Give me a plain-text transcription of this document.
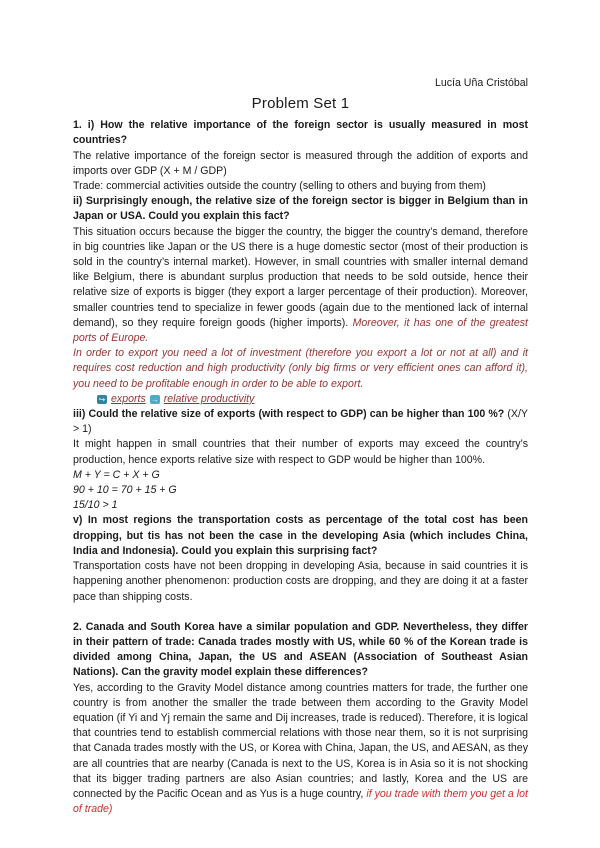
Lucía Uña Cristóbal

Problem Set 1

1. i) How the relative importance of the foreign sector is usually measured in most countries?

The relative importance of the foreign sector is measured through the addition of exports and imports over GDP (X + M / GDP)

Trade: commercial activities outside the country (selling to others and buying from them)

ii) Surprisingly enough, the relative size of the foreign sector is bigger in Belgium than in Japan or USA. Could you explain this fact?

This situation occurs because the bigger the country, the bigger the country’s demand, therefore in big countries like Japan or the US there is a huge domestic sector (most of their production is sold in the country’s internal market). However, in small countries with smaller internal demand like Belgium, there is abundant surplus production that needs to be sold outside, hence their relative size of exports is bigger (they export a larger percentage of their production). Moreover, smaller countries tend to specialize in fewer goods (again due to the mentioned lack of internal demand), so they require foreign goods (higher imports). Moreover, it has one of the greatest ports of Europe.

In order to export you need a lot of investment (therefore you export a lot or not at all) and it requires cost reduction and high productivity (only big firms or very efficient ones can afford it), you need to be profitable enough in order to be able to export.

↪ exports → relative productivity

iii) Could the relative size of exports (with respect to GDP) can be higher than 100 %? (X/Y > 1)

It might happen in small countries that their number of exports may exceed the country’s production, hence exports relative size with respect to GDP would be higher than 100%.

M + Y = C + X + G

90 + 10 = 70 + 15 + G

15/10 > 1

v) In most regions the transportation costs as percentage of the total cost has been dropping, but tis has not been the case in the developing Asia (which includes China, India and Indonesia). Could you explain this surprising fact?

Transportation costs have not been dropping in developing Asia, because in said countries it is happening another phenomenon: production costs are dropping, and they are doing it at a faster pace than shipping costs.

2. Canada and South Korea have a similar population and GDP. Nevertheless, they differ in their pattern of trade: Canada trades mostly with US, while 60 % of the Korean trade is divided among China, Japan, the US and ASEAN (Association of Southeast Asian Nations). Can the gravity model explain these differences?

Yes, according to the Gravity Model distance among countries matters for trade, the further one country is from another the smaller the trade between them according to the Gravity Model equation (if Yi and Yj remain the same and Dij increases, trade is reduced). Therefore, it is logical that countries tend to establish commercial relations with those near them, so it is not surprising that Canada trades mostly with the US, or Korea with China, Japan, the US, and AESAN, as they are all countries that are nearby (Canada is next to the US, Korea is in Asia so it is not shocking that its bigger trading partners are also Asian countries; and lastly, Korea and the US are connected by the Pacific Ocean and as Yus is a huge country, if you trade with them you get a lot of trade)
